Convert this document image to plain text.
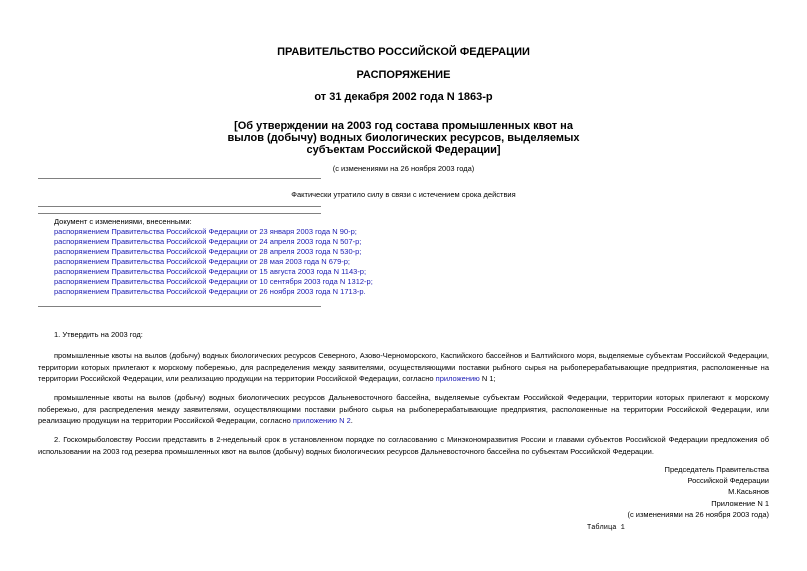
ПРАВИТЕЛЬСТВО РОССИЙСКОЙ ФЕДЕРАЦИИ
РАСПОРЯЖЕНИЕ
от 31 декабря 2002 года N 1863-р
[Об утверждении на 2003 год состава промышленных квот на
вылов (добычу) водных биологических ресурсов, выделяемых
субъектам Российской Федерации]
(с изменениями на 26 ноября 2003 года)
Фактически утратило силу в связи с истечением срока действия
Документ с изменениями, внесенными:
распоряжением Правительства Российской Федерации от 23 января 2003 года N 90-р;
распоряжением Правительства Российской Федерации от 24 апреля 2003 года N 507-р;
распоряжением Правительства Российской Федерации от 28 апреля 2003 года N 530-р;
распоряжением Правительства Российской Федерации от 28 мая 2003 года N 679-р;
распоряжением Правительства Российской Федерации от 15 августа 2003 года N 1143-р;
распоряжением Правительства Российской Федерации от 10 сентября 2003 года N 1312-р;
распоряжением Правительства Российской Федерации от 26 ноября 2003 года N 1713-р.
1. Утвердить на 2003 год:
промышленные квоты на вылов (добычу) водных биологических ресурсов Северного, Азово-Черноморского, Каспийского бассейнов и Балтийского моря, выделяемые субъектам Российской Федерации, территории которых прилегают к морскому побережью, для распределения между заявителями, осуществляющими поставки рыбного сырья на рыбоперерабатывающие предприятия, расположенные на территории Российской Федерации, или реализацию продукции на территории Российской Федерации, согласно приложению N 1;
промышленные квоты на вылов (добычу) водных биологических ресурсов Дальневосточного бассейна, выделяемые субъектам Российской Федерации, территории которых прилегают к морскому побережью, для распределения между заявителями, осуществляющими поставки рыбного сырья на рыбоперерабатывающие предприятия, расположенные на территории Российской Федерации, или реализацию продукции на территории Российской Федерации, согласно приложению N 2.
2. Госкомрыболовству России представить в 2-недельный срок в установленном порядке по согласованию с Минэкономразвития России и главами субъектов Российской Федерации предложения об использовании на 2003 год резерва промышленных квот на вылов (добычу) водных биологических ресурсов Дальневосточного бассейна по субъектам Российской Федерации.
Председатель Правительства
Российской Федерации
М.Касьянов
Приложение N 1
(с изменениями на 26 ноября 2003 года)
Таблица 1
